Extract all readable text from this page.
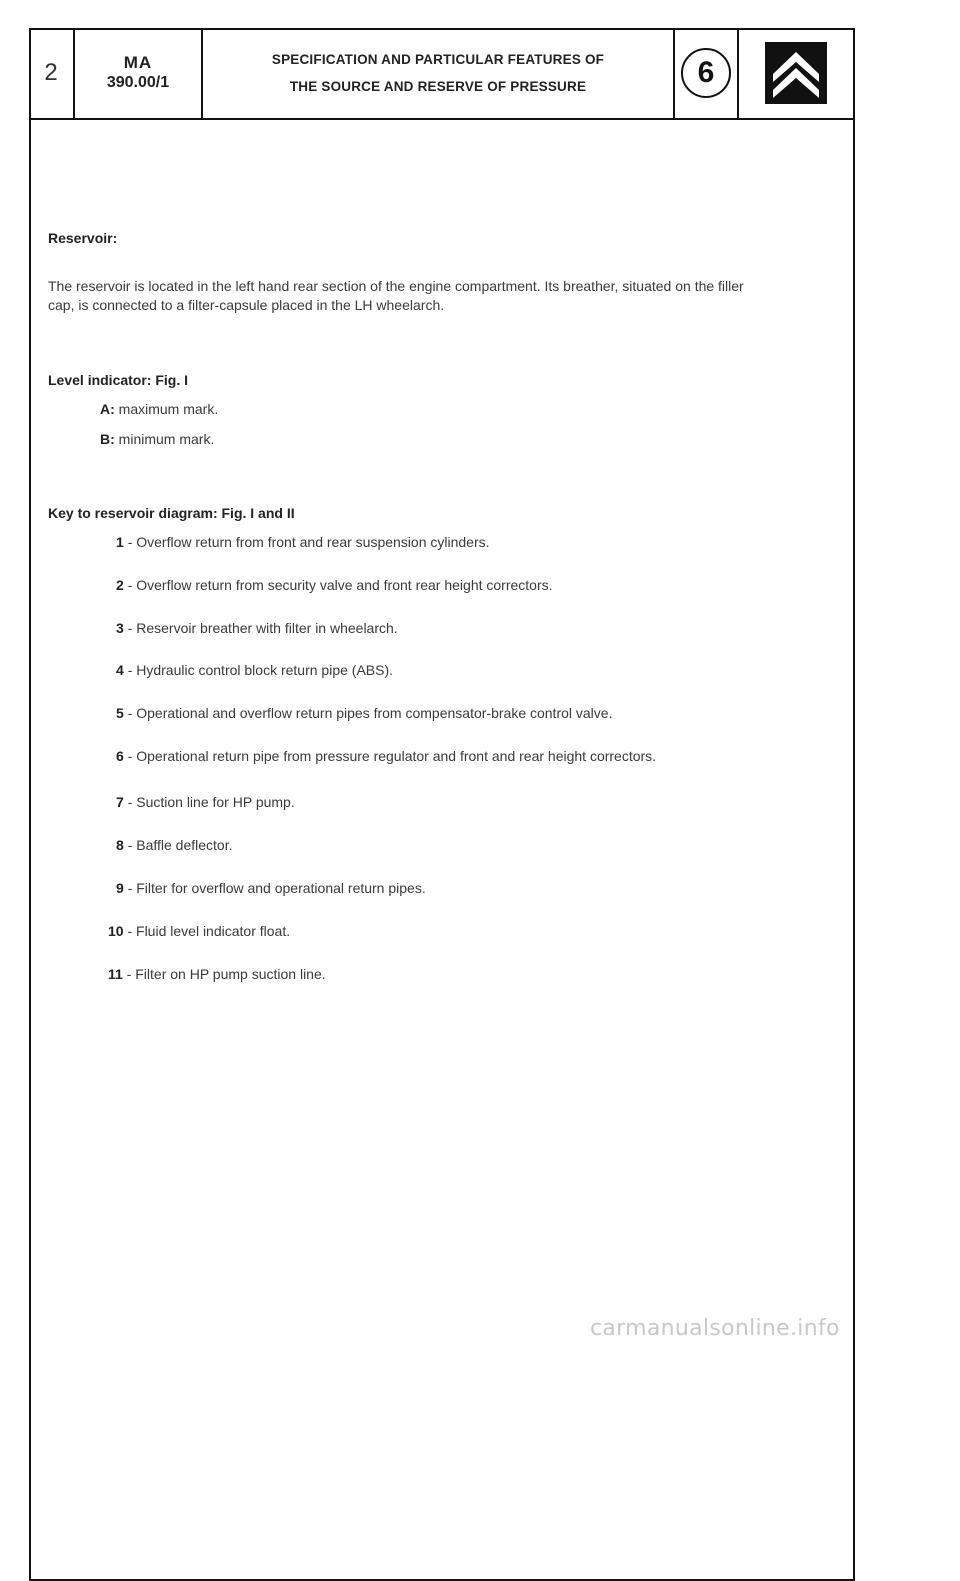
2	MA
390.00/1
SPECIFICATION AND PARTICULAR FEATURES OF
THE SOURCE AND RESERVE OF PRESSURE	6

Reservoir:

The reservoir is located in the left hand rear section of the engine compartment. Its breather, situated on the filler

cap, is connected to a filter-capsule placed in the LH wheelarch.

Level indicator: Fig. I

A: maximum mark.
B: minimum mark.

Key to reservoir diagram: Fig. I and II

1 - Overflow return from front and rear suspension cylinders.
2 - Overflow return from security valve and front rear height correctors.
3 - Reservoir breather with filter in wheelarch.
4 - Hydraulic control block return pipe (ABS).
5 - Operational and overflow return pipes from compensator-brake control valve.
6 - Operational return pipe from pressure regulator and front and rear height correctors.
7 - Suction line for HP pump.
8 - Baffle deflector.
9 - Filter for overflow and operational return pipes.
10 - Fluid level indicator float.
11 - Filter on HP pump suction line.
carmanualsonline.info
